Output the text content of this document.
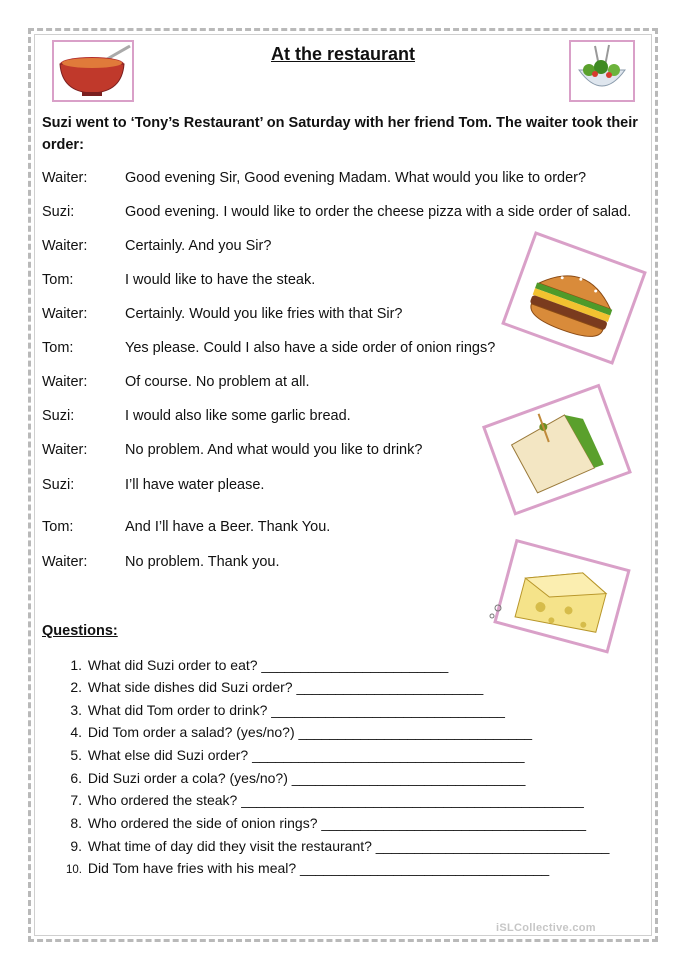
At the restaurant
Suzi went to ‘Tony’s Restaurant’ on Saturday with her friend Tom. The waiter took their order:
Waiter:	Good evening Sir, Good evening Madam. What would you like to order?
Suzi:	Good evening. I would like to order the cheese pizza with a side order of salad.
Waiter:	Certainly. And you Sir?
Tom:	I would like to have the steak.
Waiter:	Certainly. Would you like fries with that Sir?
Tom:	Yes please. Could I also have a side order of onion rings?
Waiter:	Of course. No problem at all.
Suzi:	I would also like some garlic bread.
Waiter:	No problem. And what would you like to drink?
Suzi:	I’ll have water please.
Tom:	And I’ll have a Beer. Thank You.
Waiter:	No problem. Thank you.
Questions:
1. What did Suzi order to eat? ________________________
2. What side dishes did Suzi order? ________________________
3. What did Tom order to drink? ______________________________
4. Did Tom order a salad? (yes/no?) ______________________________
5. What else did Suzi order? ___________________________________
6. Did Suzi order a cola? (yes/no?) ______________________________
7. Who ordered the steak? ____________________________________________
8. Who ordered the side of onion rings? __________________________________
9. What time of day did they visit the restaurant? ______________________________
10. Did Tom have fries with his meal? ________________________________
iSLCollective.com
